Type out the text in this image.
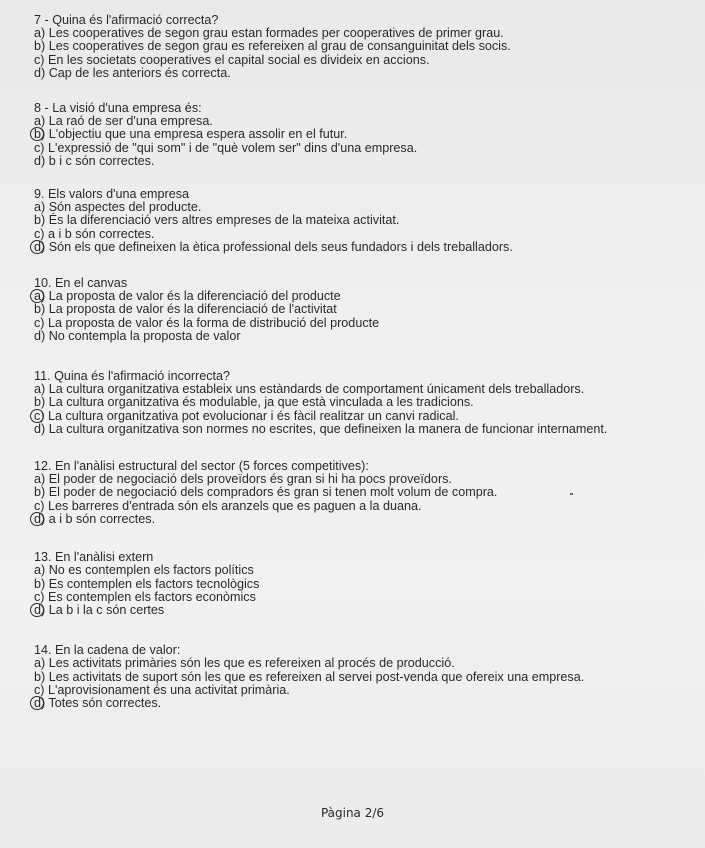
7 - Quina és l'afirmació correcta?
a) Les cooperatives de segon grau estan formades per cooperatives de primer grau.
b) Les cooperatives de segon grau es refereixen al grau de consanguinitat dels socis.
c) En les societats cooperatives el capital social es divideix en accions.
d) Cap de les anteriors és correcta.
8 - La visió d'una empresa és:
a) La raó de ser d'una empresa.
b) L'objectiu que una empresa espera assolir en el futur.
c) L'expressió de "qui som" i de "què volem ser" dins d'una empresa.
d) b i c són correctes.
9. Els valors d'una empresa
a) Són aspectes del producte.
b) És la diferenciació vers altres empreses de la mateixa activitat.
c) a i b són correctes.
d) Són els que defineixen la ètica professional dels seus fundadors i dels treballadors.
10. En el canvas
a) La proposta de valor és la diferenciació del producte
b) La proposta de valor és la diferenciació de l'activitat
c) La proposta de valor és la forma de distribució del producte
d) No contempla la proposta de valor
11. Quina és l'afirmació incorrecta?
a) La cultura organitzativa estableix uns estàndards de comportament únicament dels treballadors.
b) La cultura organitzativa és modulable, ja que està vinculada a les tradicions.
c) La cultura organitzativa pot evolucionar i és fàcil realitzar un canvi radical.
d) La cultura organitzativa son normes no escrites, que defineixen la manera de funcionar internament.
12. En l'anàlisi estructural del sector (5 forces competitives):
a) El poder de negociació dels proveïdors és gran si hi ha pocs proveïdors.
b) El poder de negociació dels compradors és gran si tenen molt volum de compra.
c) Les barreres d'entrada són els aranzels que es paguen a la duana.
d) a i b són correctes.
13. En l'anàlisi extern
a) No es contemplen els factors polítics
b) Es contemplen els factors tecnològics
c) Es contemplen els factors econòmics
d) La b i la c són certes
14. En la cadena de valor:
a) Les activitats primàries són les que es refereixen al procés de producció.
b) Les activitats de suport són les que es refereixen al servei post-venda que ofereix una empresa.
c) L'aprovisionament és una activitat primària.
d) Totes són correctes.
Pàgina 2/6
